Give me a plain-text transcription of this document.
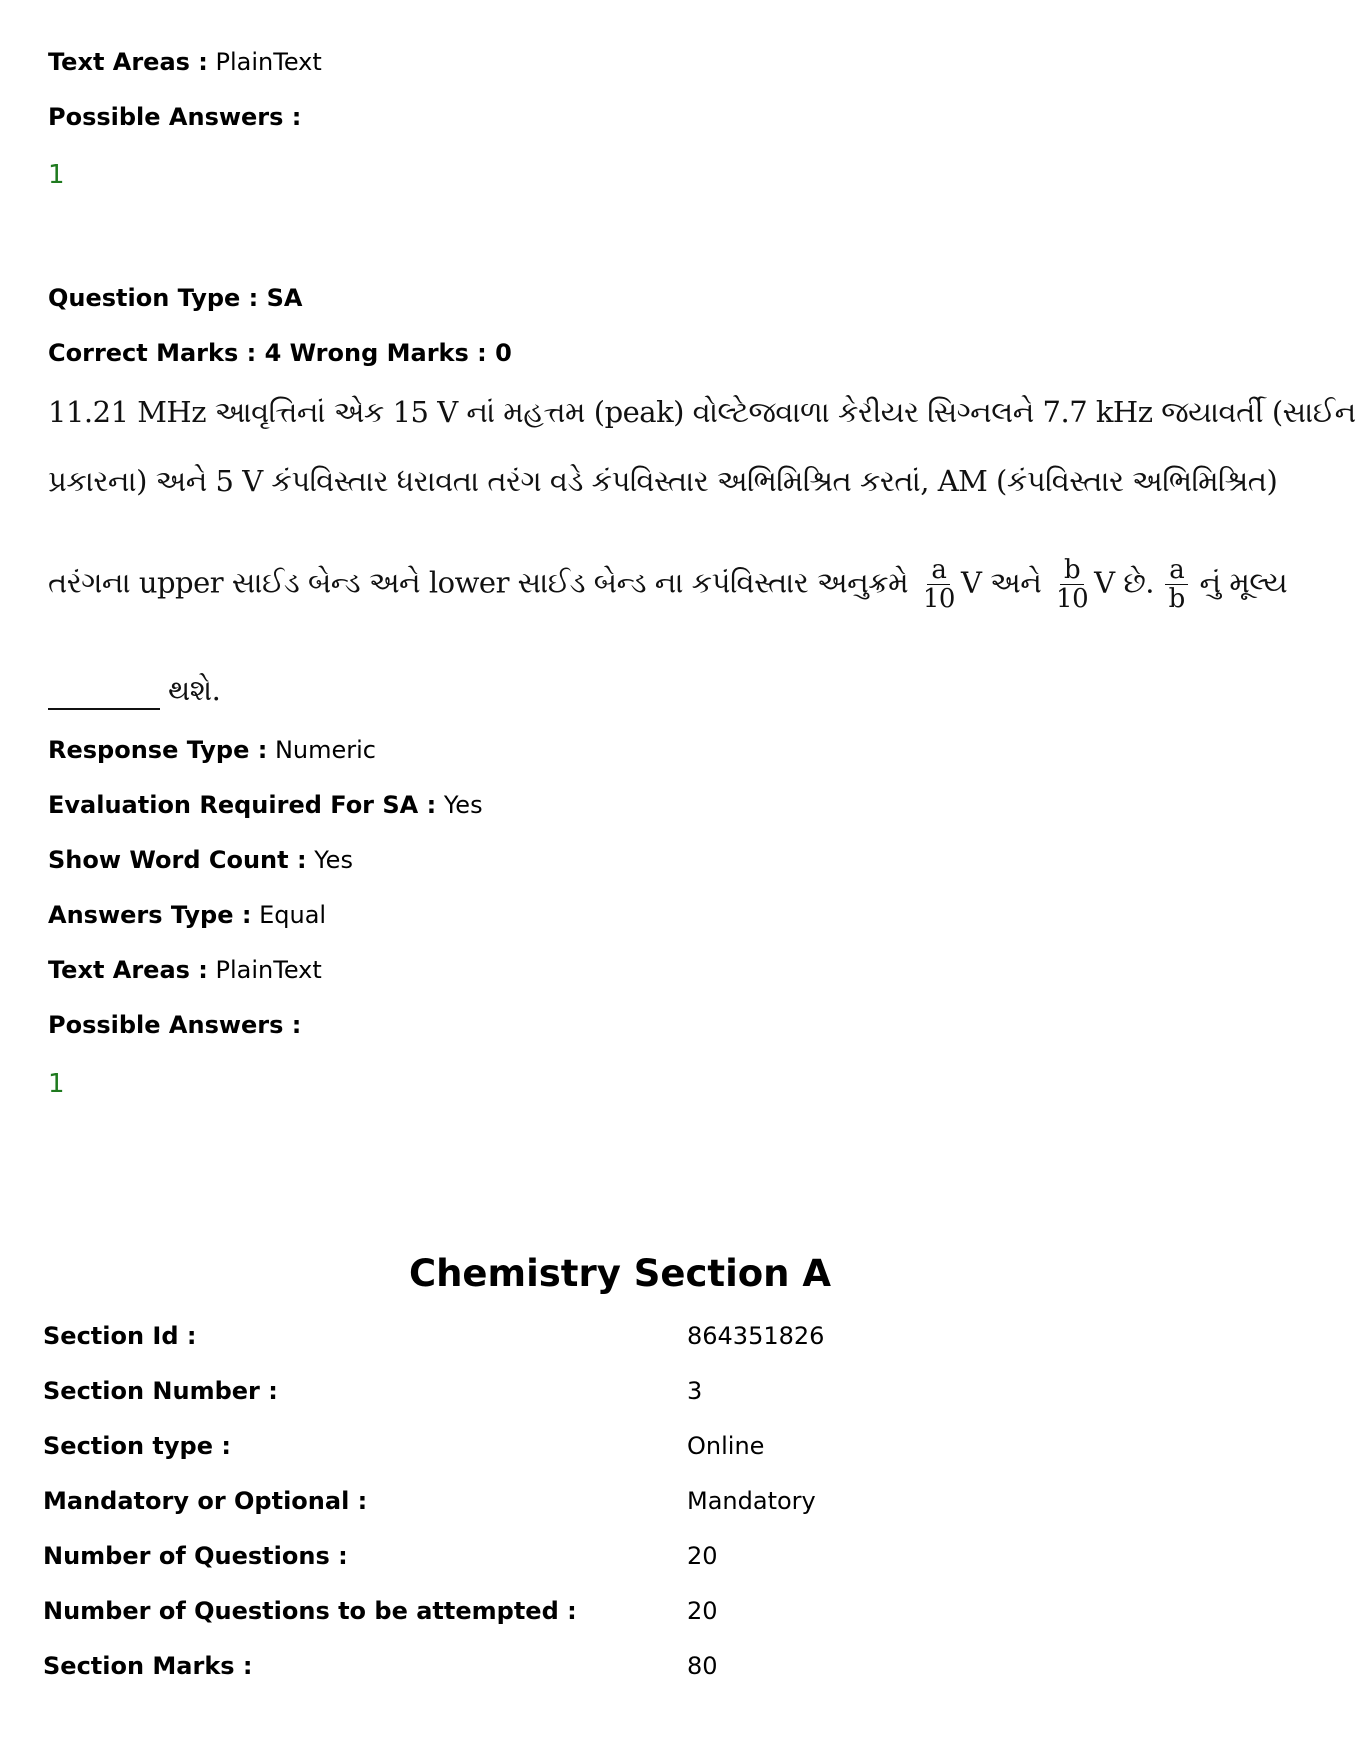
Text Areas : PlainText
Possible Answers :
1
Question Type : SA
Correct Marks : 4 Wrong Marks : 0
11.21 MHz આવૃત્તિનાં એક 15 V નાં મહત્તમ (peak) વોલ્ટેજવાળા કેરીયર સિગ્નલને 7.7 kHz જયાવર્તી (સાઈન
પ્રકારના) અને 5 V કંપવિસ્તાર ધરાવતા તરંગ વડે કંપવિસ્તાર અભિમિશ્રિત કરતાં, AM (કંપવિસ્તાર અભિમિશ્રિત)
તરંગના upper સાઈડ બેન્ડ અને lower સાઈડ બેન્ડ ના કપંવિસ્તાર અનુક્રમે $\frac{a}{10}$ V અને $\frac{b}{10}$ V છે. $\frac{a}{b}$ નું મૂલ્ય
થશે.
Response Type : Numeric
Evaluation Required For SA : Yes
Show Word Count : Yes
Answers Type : Equal
Text Areas : PlainText
Possible Answers :
1
Chemistry Section A
Section Id :	864351826
Section Number :	3
Section type :	Online
Mandatory or Optional :	Mandatory
Number of Questions :	20
Number of Questions to be attempted :	20
Section Marks :	80
